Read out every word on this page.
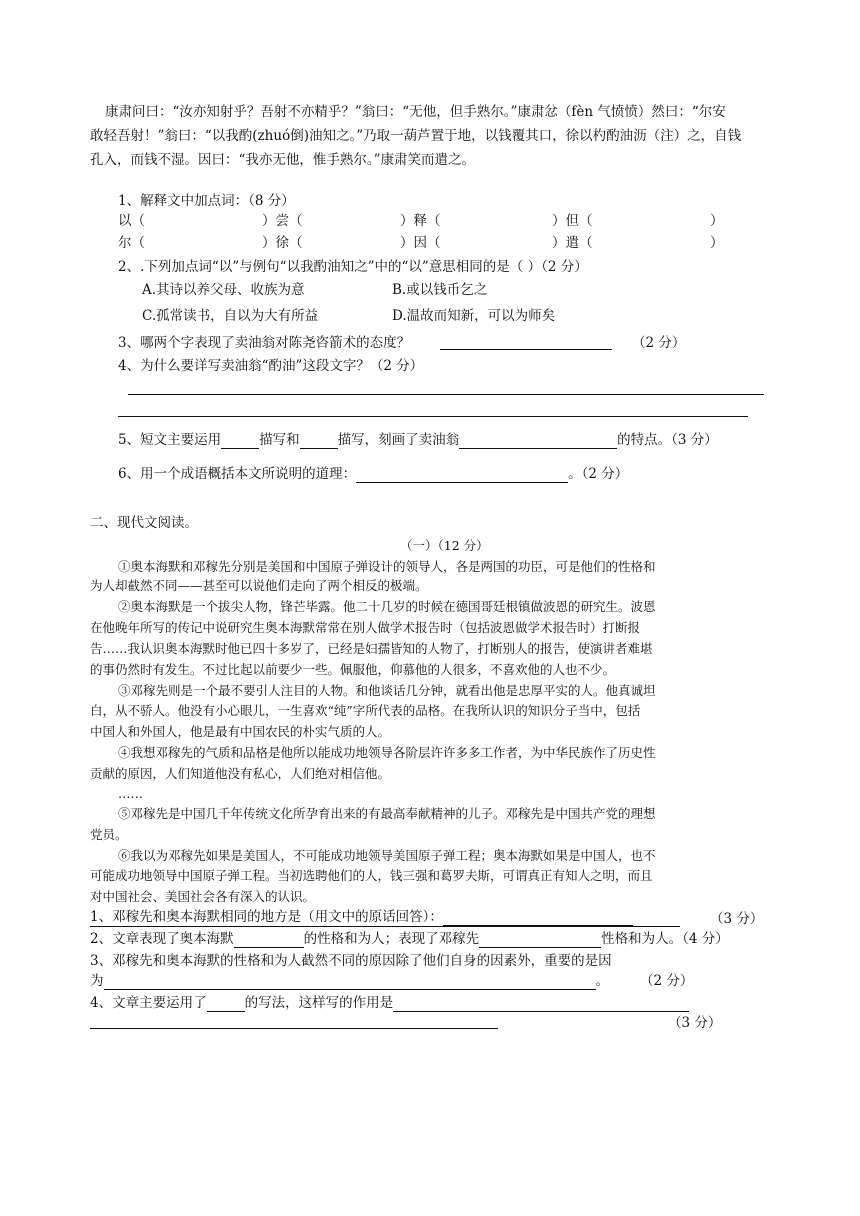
康肃问曰：“汝亦知射乎？吾射不亦精乎？”翁曰：“无他，但手熟尔。”康肃忿（fèn 气愤愤）然曰：“尔安
敢轻吾射！”翁曰：“以我酌(zhuó倒)油知之。”乃取一葫芦置于地，以钱覆其口，徐以杓酌油沥（注）之，自钱
孔入，而钱不湿。因曰：“我亦无他，惟手熟尔。”康肃笑而遣之。
1、解释文中加点词：（8 分）
以（	）尝（	）释（	）但（	）
尔（	）徐（	）因（	）遣（	）
2、.下列加点词“以”与例句“以我酌油知之”中的“以”意思相同的是（ ）（2 分）
A.其诗以养父母、收族为意	B.或以钱币乞之
C.孤常读书，自以为大有所益	D.温故而知新，可以为师矣
3、哪两个字表现了卖油翁对陈尧咨箭术的态度？	（2 分）
4、为什么要详写卖油翁“酌油”这段文字？（2 分）
5、短文主要运用	描写和	描写，刻画了卖油翁	的特点。（3 分）
6、用一个成语概括本文所说明的道理：	。（2 分）
二、现代文阅读。
（一）（12 分）
①奥本海默和邓稼先分别是美国和中国原子弹设计的领导人，各是两国的功臣，可是他们的性格和
为人却截然不同——甚至可以说他们走向了两个相反的极端。
②奥本海默是一个拔尖人物，锋芒毕露。他二十几岁的时候在德国哥廷根镇做波恩的研究生。波恩
在他晚年所写的传记中说研究生奥本海默常常在别人做学术报告时（包括波恩做学术报告时）打断报
告……我认识奥本海默时他已四十多岁了，已经是妇孺皆知的人物了，打断别人的报告，使演讲者难堪
的事仍然时有发生。不过比起以前要少一些。佩服他，仰慕他的人很多，不喜欢他的人也不少。
③邓稼先则是一个最不要引人注目的人物。和他谈话几分钟，就看出他是忠厚平实的人。他真诚坦
白，从不骄人。他没有小心眼儿，一生喜欢“纯”字所代表的品格。在我所认识的知识分子当中，包括
中国人和外国人，他是最有中国农民的朴实气质的人。
④我想邓稼先的气质和品格是他所以能成功地领导各阶层许许多多工作者，为中华民族作了历史性
贡献的原因，人们知道他没有私心，人们绝对相信他。
……
⑤邓稼先是中国几千年传统文化所孕育出来的有最高奉献精神的儿子。邓稼先是中国共产党的理想
党员。
⑥我以为邓稼先如果是美国人，不可能成功地领导美国原子弹工程；奥本海默如果是中国人，也不
可能成功地领导中国原子弹工程。当初选聘他们的人，钱三强和葛罗夫斯，可谓真正有知人之明，而且
对中国社会、美国社会各有深入的认识。
1、邓稼先和奥本海默相同的地方是（用文中的原话回答）：	（3 分）
2、文章表现了奥本海默	的性格和为人；表现了邓稼先	性格和为人。（4 分）
3、邓稼先和奥本海默的性格和为人截然不同的原因除了他们自身的因素外，重要的是因
为	。 （2 分）
4、文章主要运用了	的写法，这样写的作用是
（3 分）
